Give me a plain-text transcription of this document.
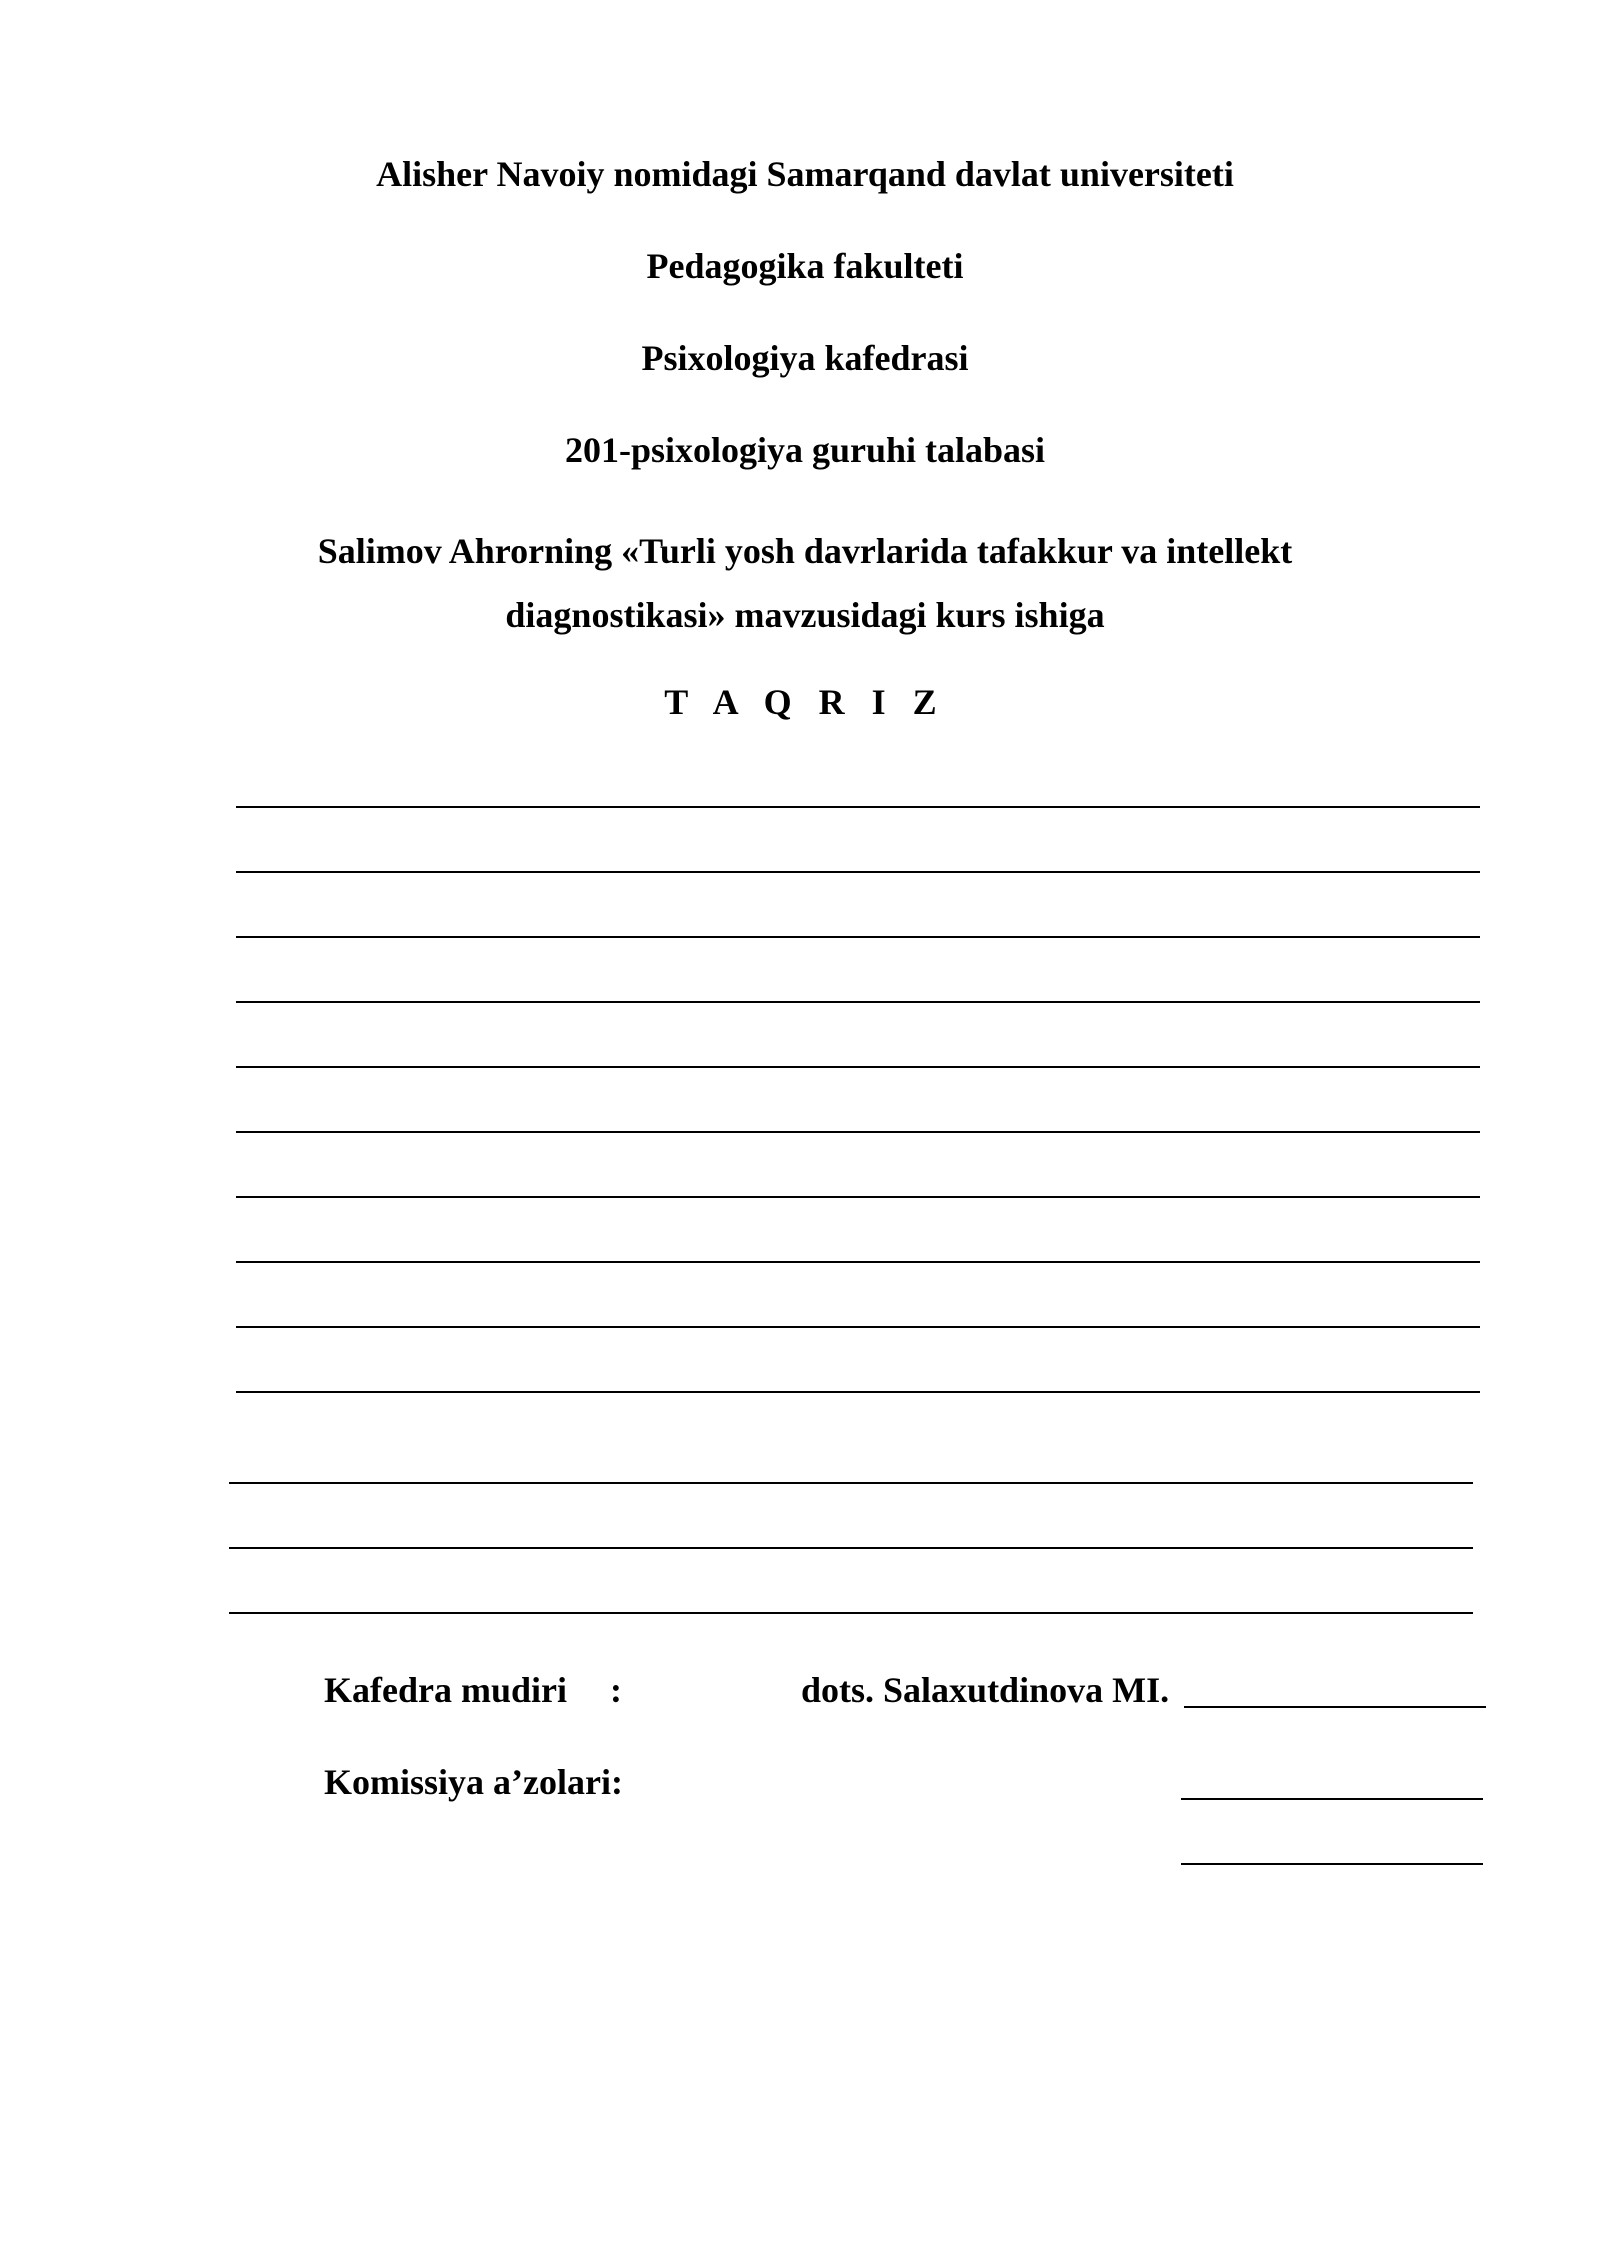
Alisher Navoiy nomidagi Samarqand davlat universiteti

Pedagogika fakulteti

Psixologiya kafedrasi

201-psixologiya guruhi talabasi

Salimov Ahrorning «Turli yosh davrlarida tafakkur va intellekt
diagnostikasi» mavzusidagi kurs ishiga

T A Q R I Z

Kafedra mudiri :	dots. Salaxutdinova MI.
Komissiya a’zolari:
